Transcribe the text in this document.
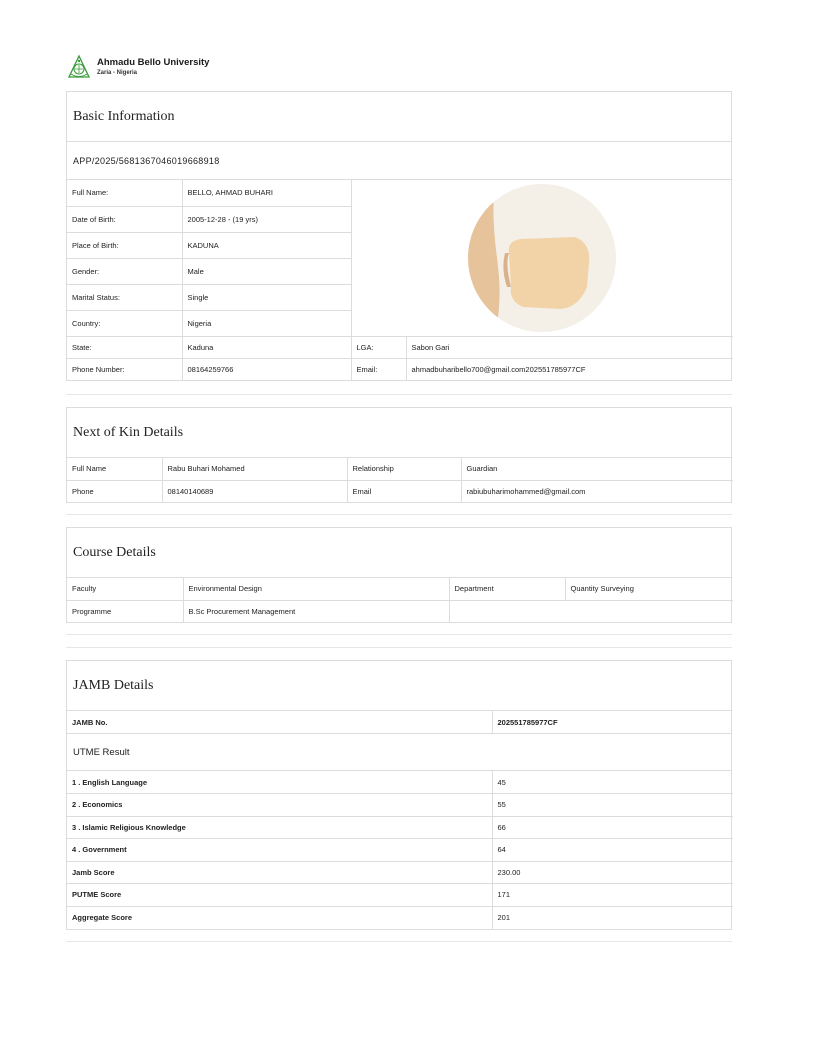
Ahmadu Bello University
Zaria - Nigeria
Basic Information
APP/2025/5681367046019668918
Full Name:	BELLO, AHMAD BUHARI	

Date of Birth:	2005-12-28 - (19 yrs)		
Place of Birth:	KADUNA		
Gender:	Male		
Marital Status:	Single		
Country:	Nigeria		
State:	Kaduna	LGA:	Sabon Gari
Phone Number:	08164259766	Email:	ahmadbuharibello700@gmail.com202551785977CF
Next of Kin Details
Full Name	Rabu Buhari Mohamed	Relationship	Guardian
Phone	08140140689	Email	rabiubuharimohammed@gmail.com
Course Details
Faculty	Environmental Design	Department	Quantity Surveying
Programme	B.Sc Procurement Management		
JAMB Details
JAMB No.	202551785977CF
UTME Result
1 . English Language	45
2 . Economics	55
3 . Islamic Religious Knowledge	66
4 . Government	64
Jamb Score	230.00
PUTME Score	171
Aggregate Score	201
